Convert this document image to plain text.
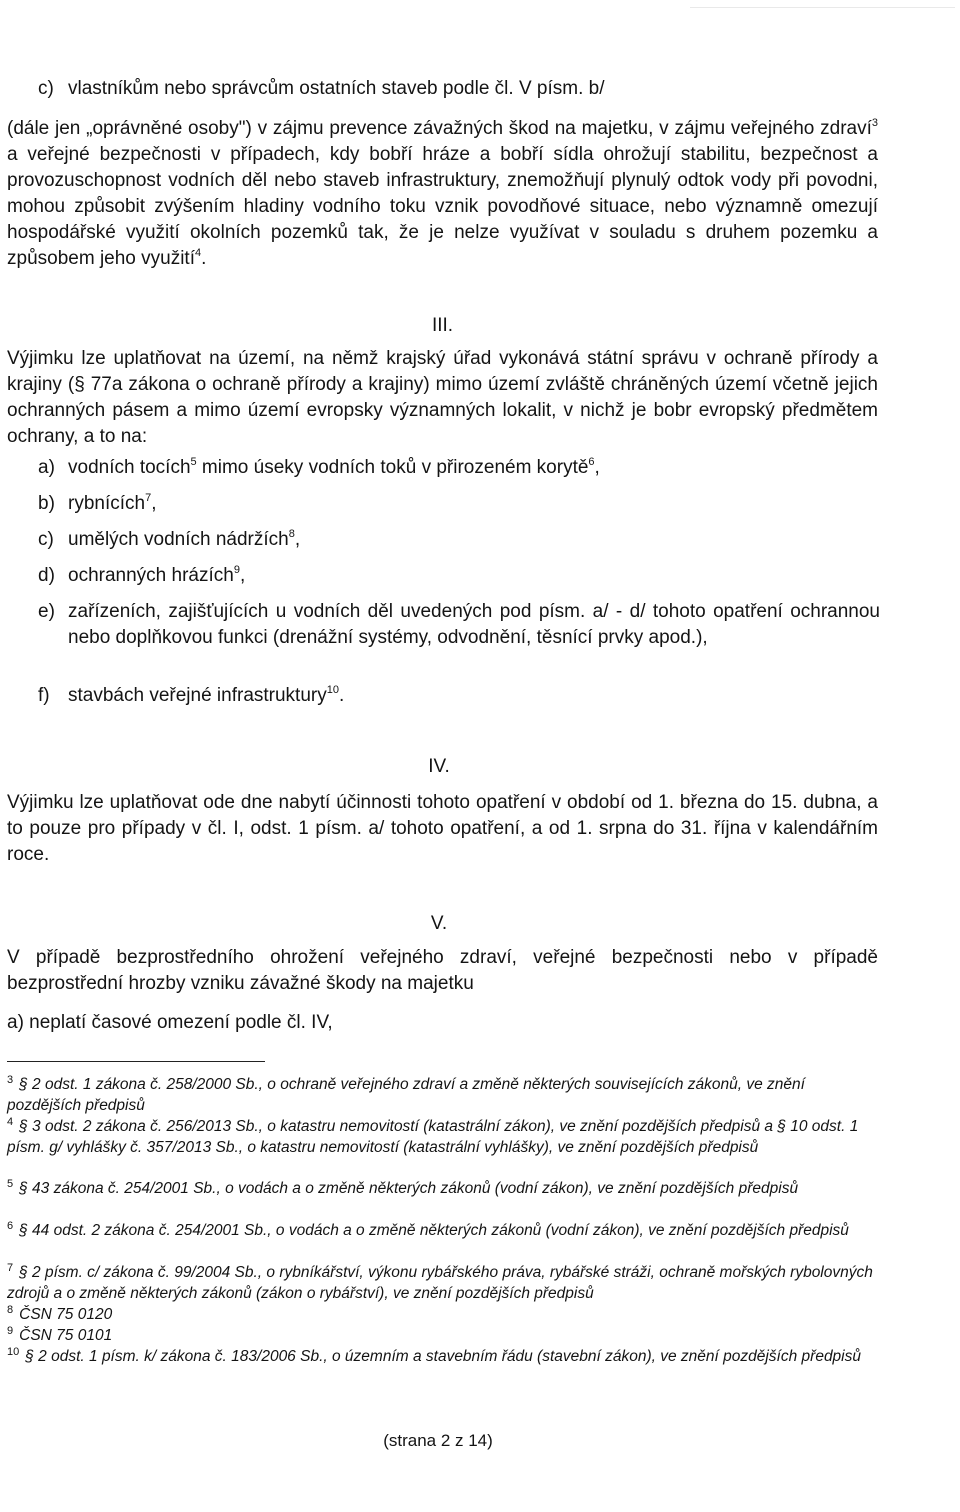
c) vlastníkům nebo správcům ostatních staveb podle čl. V písm. b/
(dále jen „oprávněné osoby") v zájmu prevence závažných škod na majetku, v zájmu veřejného zdraví$^3$ a veřejné bezpečnosti v případech, kdy bobří hráze a bobří sídla ohrožují stabilitu, bezpečnost a provozuschopnost vodních děl nebo staveb infrastruktury, znemožňují plynulý odtok vody při povodni, mohou způsobit zvýšením hladiny vodního toku vznik povodňové situace, nebo významně omezují hospodářské využití okolních pozemků tak, že je nelze využívat v souladu s druhem pozemku a způsobem jeho využití$^4$.
III.
Výjimku lze uplatňovat na území, na němž krajský úřad vykonává státní správu v ochraně přírody a krajiny (§ 77a zákona o ochraně přírody a krajiny) mimo území zvláště chráněných území včetně jejich ochranných pásem a mimo území evropsky významných lokalit, v nichž je bobr evropský předmětem ochrany, a to na:
a) vodních tocích$^5$ mimo úseky vodních toků v přirozeném korytě$^6$,
b) rybnících$^7$,
c) umělých vodních nádržích$^8$,
d) ochranných hrázích$^9$,
e) zařízeních, zajišťujících u vodních děl uvedených pod písm. a/ - d/ tohoto opatření ochrannou nebo doplňkovou funkci (drenážní systémy, odvodnění, těsnící prvky apod.),
f) stavbách veřejné infrastruktury$^{10}$.
IV.
Výjimku lze uplatňovat ode dne nabytí účinnosti tohoto opatření v období od 1. března do 15. dubna, a to pouze pro případy v čl. I, odst. 1 písm. a/ tohoto opatření, a od 1. srpna do 31. října v kalendářním roce.
V.
V případě bezprostředního ohrožení veřejného zdraví, veřejné bezpečnosti nebo v případě bezprostřední hrozby vzniku závažné škody na majetku
a) neplatí časové omezení podle čl. IV,
$^3$ § 2 odst. 1 zákona č. 258/2000 Sb., o ochraně veřejného zdraví a změně některých souvisejících zákonů, ve znění pozdějších předpisů
$^4$ § 3 odst. 2 zákona č. 256/2013 Sb., o katastru nemovitostí (katastrální zákon), ve znění pozdějších předpisů a § 10 odst. 1 písm. g/ vyhlášky č. 357/2013 Sb., o katastru nemovitostí (katastrální vyhlášky), ve znění pozdějších předpisů
$^5$ § 43 zákona č. 254/2001 Sb., o vodách a o změně některých zákonů (vodní zákon), ve znění pozdějších předpisů
$^6$ § 44 odst. 2 zákona č. 254/2001 Sb., o vodách a o změně některých zákonů (vodní zákon), ve znění pozdějších předpisů
$^7$ § 2 písm. c/ zákona č. 99/2004 Sb., o rybníkářství, výkonu rybářského práva, rybářské stráži, ochraně mořských rybolovných zdrojů a o změně některých zákonů (zákon o rybářství), ve znění pozdějších předpisů
$^8$ ČSN 75 0120
$^9$ ČSN 75 0101
$^{10}$ § 2 odst. 1 písm. k/ zákona č. 183/2006 Sb., o územním a stavebním řádu (stavební zákon), ve znění pozdějších předpisů
(strana 2 z 14)
